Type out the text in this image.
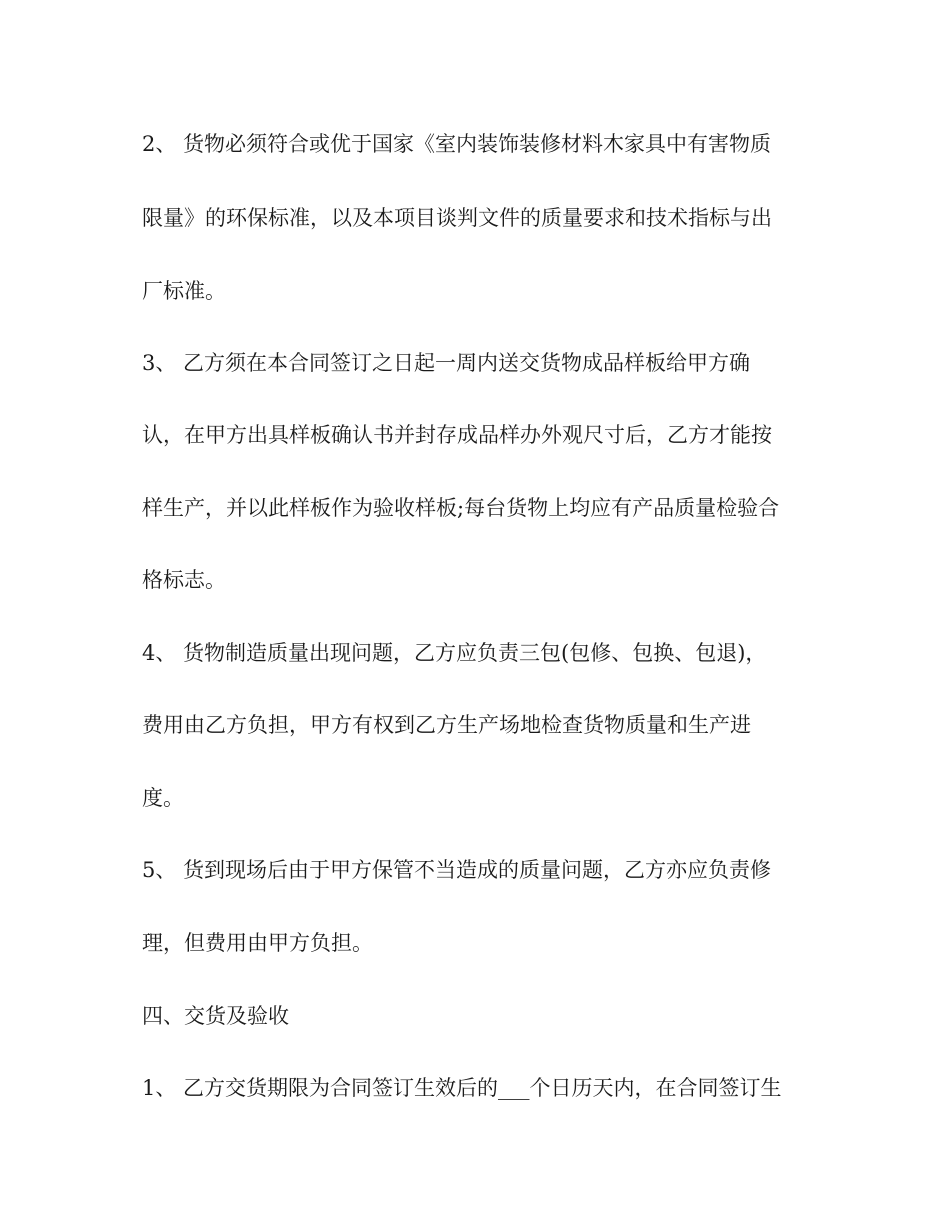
2、 货物必须符合或优于国家《室内装饰装修材料木家具中有害物质
限量》的环保标准，以及本项目谈判文件的质量要求和技术指标与出
厂标准。
3、 乙方须在本合同签订之日起一周内送交货物成品样板给甲方确
认，在甲方出具样板确认书并封存成品样办外观尺寸后，乙方才能按
样生产，并以此样板作为验收样板;每台货物上均应有产品质量检验合
格标志。
4、 货物制造质量出现问题，乙方应负责三包(包修、包换、包退)，
费用由乙方负担，甲方有权到乙方生产场地检查货物质量和生产进
度。
5、 货到现场后由于甲方保管不当造成的质量问题，乙方亦应负责修
理，但费用由甲方负担。
四、交货及验收
1、 乙方交货期限为合同签订生效后的___个日历天内，在合同签订生
